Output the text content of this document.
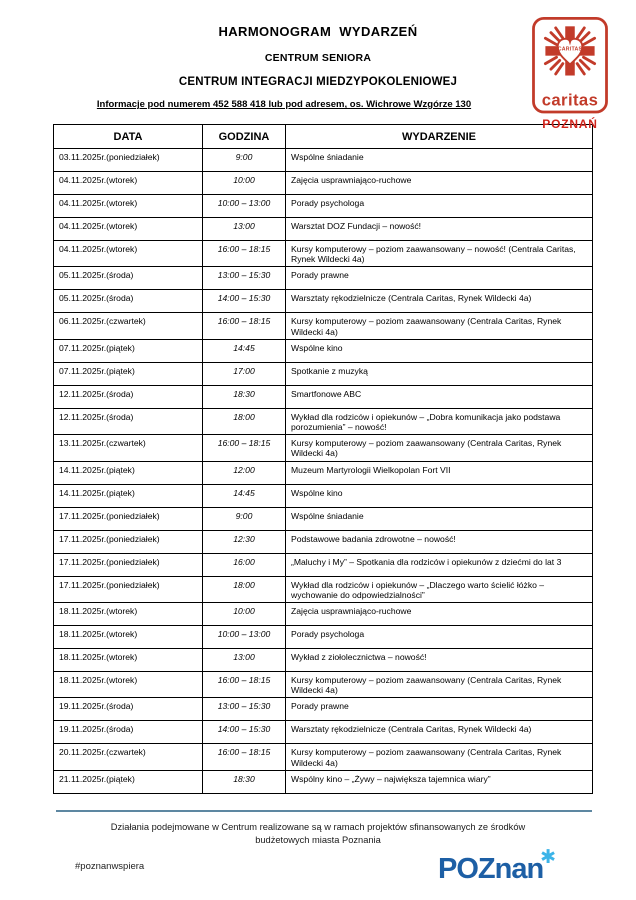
HARMONOGRAM  WYDARZEŃ
CENTRUM SENIORA
CENTRUM INTEGRACJI MIEDZYPOKOLENIOWEJ
Informacje pod numerem 452 588 418 lub pod adresem, os. Wichrowe Wzgórze 130
CARITAS
caritas
POZNAŃ
DATA	GODZINA	WYDARZENIE
03.11.2025r.(poniedziałek)	9:00	Wspólne śniadanie
04.11.2025r.(wtorek)	10:00	Zajęcia usprawniająco-ruchowe
04.11.2025r.(wtorek)	10:00 – 13:00	Porady psychologa
04.11.2025r.(wtorek)	13:00	Warsztat DOZ Fundacji – nowość!
04.11.2025r.(wtorek)	16:00 – 18:15	Kursy komputerowy – poziom zaawansowany – nowość! (Centrala Caritas, Rynek Wildecki 4a)
05.11.2025r.(środa)	13:00 – 15:30	Porady prawne
05.11.2025r.(środa)	14:00 – 15:30	Warsztaty rękodzielnicze (Centrala Caritas, Rynek Wildecki 4a)
06.11.2025r.(czwartek)	16:00 – 18:15	Kursy komputerowy – poziom zaawansowany (Centrala Caritas, Rynek Wildecki 4a)
07.11.2025r.(piątek)	14:45	Wspólne kino
07.11.2025r.(piątek)	17:00	Spotkanie z muzyką
12.11.2025r.(środa)	18:30	Smartfonowe ABC
12.11.2025r.(środa)	18:00	Wykład dla rodziców i opiekunów – „Dobra komunikacja jako podstawa porozumienia” – nowość!
13.11.2025r.(czwartek)	16:00 – 18:15	Kursy komputerowy – poziom zaawansowany (Centrala Caritas, Rynek Wildecki 4a)
14.11.2025r.(piątek)	12:00	Muzeum Martyrologii Wielkopolan Fort VII
14.11.2025r.(piątek)	14:45	Wspólne kino
17.11.2025r.(poniedziałek)	9:00	Wspólne śniadanie
17.11.2025r.(poniedziałek)	12:30	Podstawowe badania zdrowotne – nowość!
17.11.2025r.(poniedziałek)	16:00	„Maluchy i My” – Spotkania dla rodziców i opiekunów z dziećmi do lat 3
17.11.2025r.(poniedziałek)	18:00	Wykład dla rodziców i opiekunów – „Dlaczego warto ścielić łóżko – wychowanie do odpowiedzialności”
18.11.2025r.(wtorek)	10:00	Zajęcia usprawniająco-ruchowe
18.11.2025r.(wtorek)	10:00 – 13:00	Porady psychologa
18.11.2025r.(wtorek)	13:00	Wykład z ziołolecznictwa – nowość!
18.11.2025r.(wtorek)	16:00 – 18:15	Kursy komputerowy – poziom zaawansowany (Centrala Caritas, Rynek Wildecki 4a)
19.11.2025r.(środa)	13:00 – 15:30	Porady prawne
19.11.2025r.(środa)	14:00 – 15:30	Warsztaty rękodzielnicze (Centrala Caritas, Rynek Wildecki 4a)
20.11.2025r.(czwartek)	16:00 – 18:15	Kursy komputerowy – poziom zaawansowany (Centrala Caritas, Rynek Wildecki 4a)
21.11.2025r.(piątek)	18:30	Wspólny kino – „Żywy – największa tajemnica wiary”
Działania podejmowane w Centrum realizowane są w ramach projektów sfinansowanych ze środków budżetowych miasta Poznania
#poznanwspiera	POZnan✱
